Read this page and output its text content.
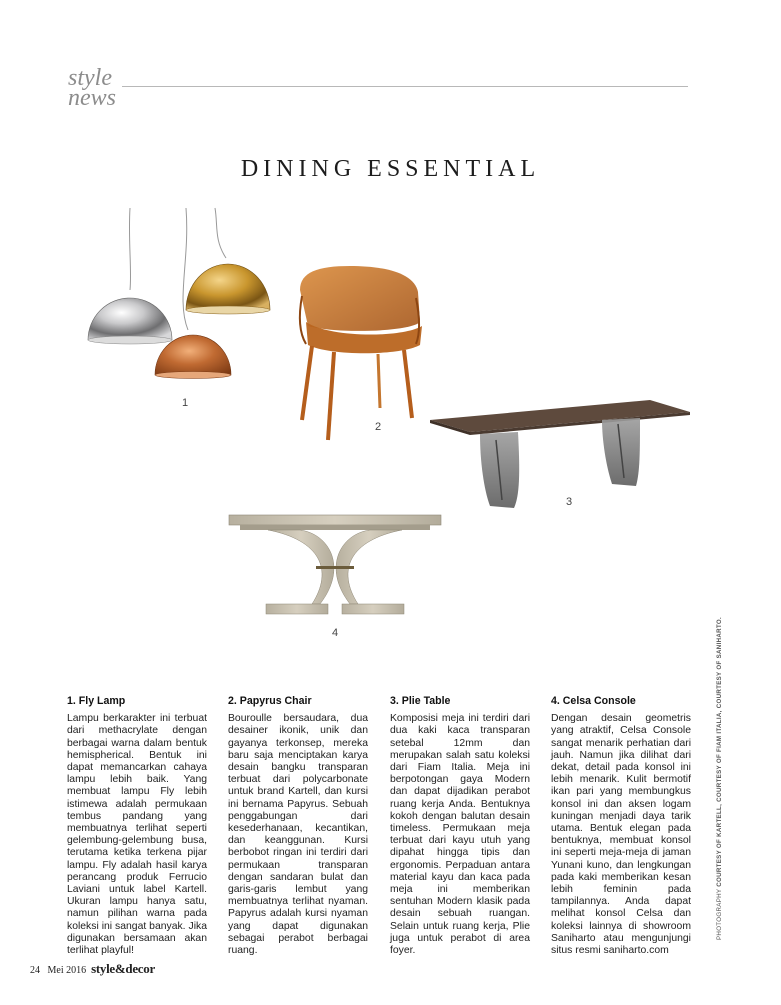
style
news
DINING ESSENTIAL
1
2
3
4
1. Fly Lamp

Lampu berkarakter ini terbuat dari methacrylate dengan berbagai warna dalam bentuk hemispherical. Bentuk ini dapat memancarkan cahaya lampu lebih baik. Yang membuat lampu Fly lebih istimewa adalah permukaan tembus pandang yang membuatnya terlihat seperti gelembung-gelembung busa, terutama ketika terkena pijar lampu. Fly adalah hasil karya perancang produk Ferrucio Laviani untuk label Kartell. Ukuran lampu hanya satu, namun pilihan warna pada koleksi ini sangat banyak. Jika digunakan bersamaan akan terlihat playful!

2. Papyrus Chair

Bouroulle bersaudara, dua desainer ikonik, unik dan gayanya terkonsep, mereka baru saja menciptakan karya desain bangku transparan terbuat dari polycarbonate untuk brand Kartell, dan kursi ini bernama Papyrus. Sebuah penggabungan dari kesederhanaan, kecantikan, dan keanggunan. Kursi berbobot ringan ini terdiri dari permukaan transparan dengan sandaran bulat dan garis-garis lembut yang membuatnya terlihat nyaman. Papyrus adalah kursi nyaman yang dapat digunakan sebagai perabot berbagai ruang.

3. Plie Table

Komposisi meja ini terdiri dari dua kaki kaca transparan setebal 12mm dan merupakan salah satu koleksi dari Fiam Italia. Meja ini berpotongan gaya Modern dan dapat dijadikan perabot ruang kerja Anda. Bentuknya kokoh dengan balutan desain timeless. Permukaan meja terbuat dari kayu utuh yang dipahat hingga tipis dan ergonomis. Perpaduan antara material kayu dan kaca pada meja ini memberikan sentuhan Modern klasik pada desain sebuah ruangan. Selain untuk ruang kerja, Plie juga untuk perabot di area foyer.

4. Celsa Console

Dengan desain geometris yang atraktif, Celsa Console sangat menarik perhatian dari jauh. Namun jika dilihat dari dekat, detail pada konsol ini lebih menarik. Kulit bermotif ikan pari yang membungkus konsol ini dan aksen logam kuningan menjadi daya tarik utama. Bentuk elegan pada bentuknya, membuat konsol ini seperti meja-meja di jaman Yunani kuno, dan lengkungan pada kaki memberikan kesan lebih feminin pada tampilannya. Anda dapat melihat konsol Celsa dan koleksi lainnya di showroom Saniharto atau mengunjungi situs resmi saniharto.com

PHOTOGRAPHY COURTESY OF KARTELL, COURTESY OF FIAM ITALIA, COURTESY OF SANIHARTO.
24 Mei 2016 style&decor
